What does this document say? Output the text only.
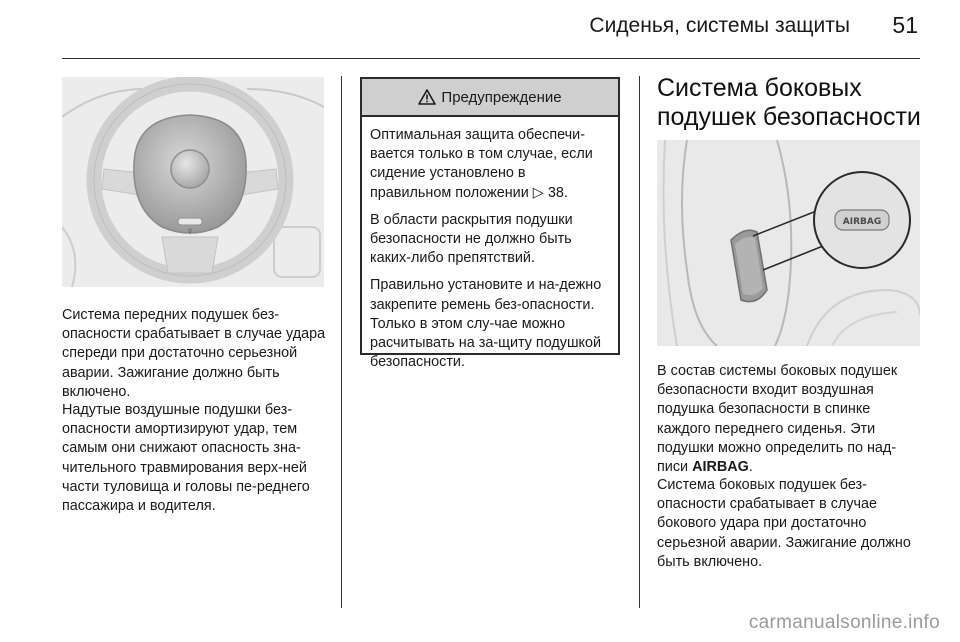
Сиденья, системы защиты	51
♀

Система передних подушек без-опасности срабатывает в случае удара спереди при достаточно серьезной аварии. Зажигание должно быть включено.

Надутые воздушные подушки без-опасности амортизируют удар, тем самым они снижают опасность зна-чительного травмирования верх-ней части туловища и головы пе-реднего пассажира и водителя.

Предупреждение

Оптимальная защита обеспечи-вается только в том случае, если сидение установлено в правильном положении ▷ 38.

В области раскрытия подушки безопасности не должно быть каких-либо препятствий.

Правильно установите и на-дежно закрепите ремень без-опасности. Только в этом слу-чае можно расчитывать на за-щиту подушкой безопасности.

Система боковых подушек безопасности
AIRBAG

В состав системы боковых подушек безопасности входит воздушная подушка безопасности в спинке каждого переднего сиденья. Эти подушки можно определить по над-писи AIRBAG.

Система боковых подушек без-опасности срабатывает в случае бокового удара при достаточно серьезной аварии. Зажигание должно быть включено.

carmanualsonline.info
